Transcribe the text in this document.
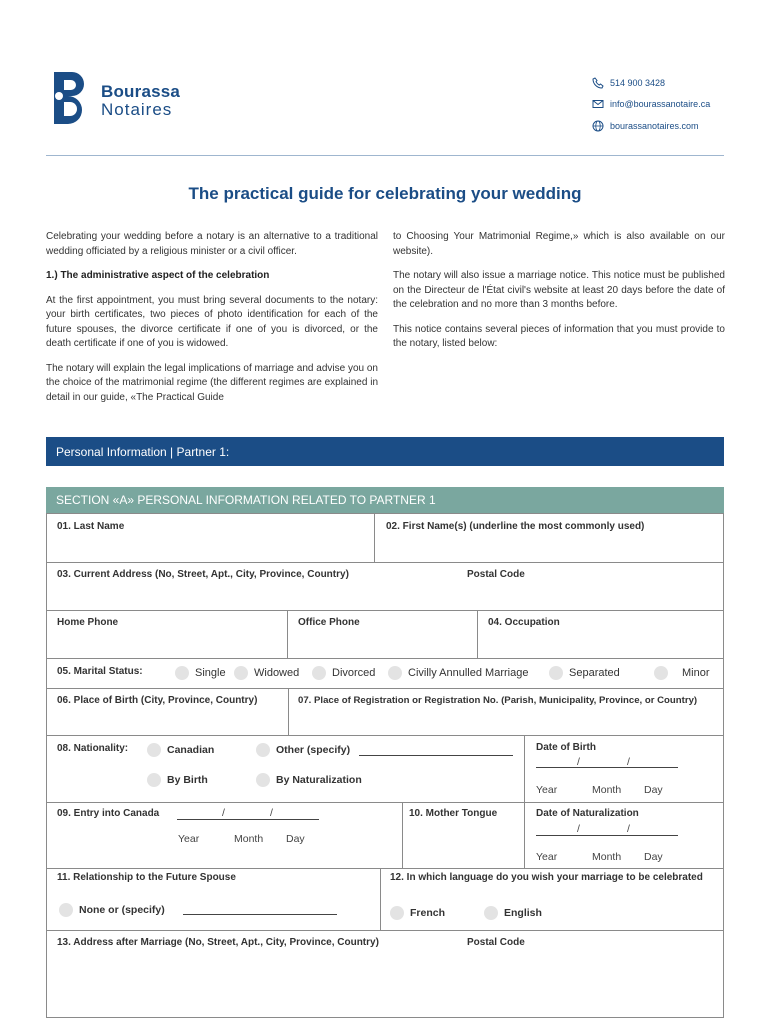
Bourassa
Notaires
514 900 3428
info@bourassanotaire.ca
bourassanotaires.com
The practical guide for celebrating your wedding

Celebrating your wedding before a notary is an alternative to a traditional wedding officiated by a religious minister or a civil officer.

1.) The administrative aspect of the celebration

At the first appointment, you must bring several documents to the notary: your birth certificates, two pieces of photo identification for each of the future spouses, the divorce certificate if one of you is divorced, or the death certificate if one of you is widowed.

The notary will explain the legal implications of marriage and advise you on the choice of the matrimonial regime (the different regimes are explained in detail in our guide, «The Practical Guide

to Choosing Your Matrimonial Regime,» which is also available on our website).

The notary will also issue a marriage notice. This notice must be published on the Directeur de l'État civil's website at least 20 days before the date of the celebration and no more than 3 months before.

This notice contains several pieces of information that you must provide to the notary, listed below:

Personal Information | Partner 1:
SECTION «A» PERSONAL INFORMATION RELATED TO PARTNER 1
01. Last Name	02. First Name(s) (underline the most commonly used)
03. Current Address (No, Street, Apt., City, Province, Country)	Postal Code
Home Phone	Office Phone	04. Occupation
05. Marital Status:	Single	Widowed	Divorced	Civilly Annulled Marriage	Separated	Minor
06. Place of Birth (City, Province, Country)	07. Place of Registration or Registration No. (Parish, Municipality, Province, or Country)
08. Nationality:	Canadian	Other (specify)
By Birth	By Naturalization
Date of Birth
/	/
Year	Month Day
09. Entry into Canada	/	/
Year	Month Day
10. Mother Tongue	Date of Naturalization
/	/
Year	Month Day
11. Relationship to the Future Spouse
None or (specify)
12. In which language do you wish your marriage to be celebrated
French	English
13. Address after Marriage (No, Street, Apt., City, Province, Country)	Postal Code
